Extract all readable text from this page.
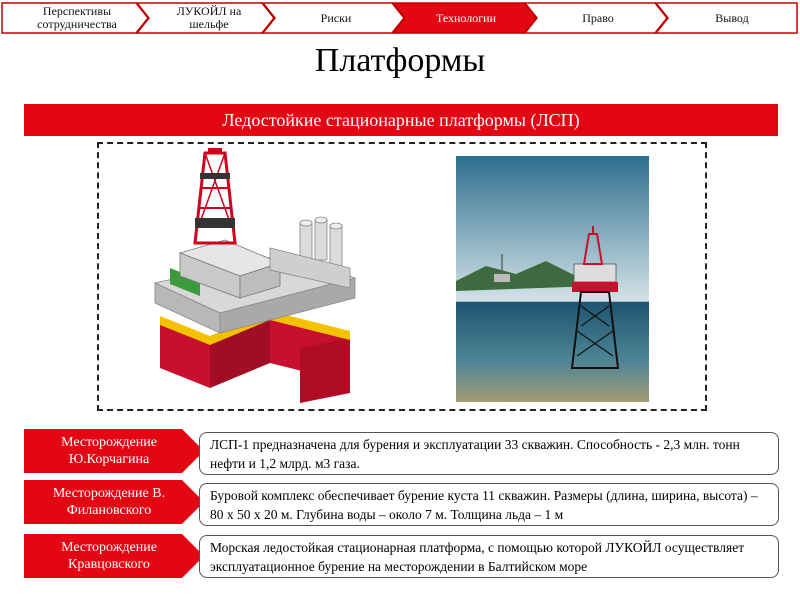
Перспективы сотрудничества
ЛУКОЙЛ на шельфе	Риски	Технологии	Право	Вывод
Платформы
Ледостойкие стационарные платформы (ЛСП)
Месторождение Ю.Корчагина
ЛСП-1 предназначена для бурения и эксплуатации 33 скважин. Способность - 2,3 млн. тонн нефти и 1,2 млрд. м3 газа.
Месторождение В. Филановского
Буровой комплекс обеспечивает бурение куста 11 скважин. Размеры (длина, ширина, высота) – 80 х 50 х 20 м. Глубина воды – около 7 м. Толщина льда – 1 м
Месторождение Кравцовского
Морская ледостойкая стационарная платформа, с помощью которой ЛУКОЙЛ осуществляет эксплуатационное бурение на месторождении в Балтийском море
